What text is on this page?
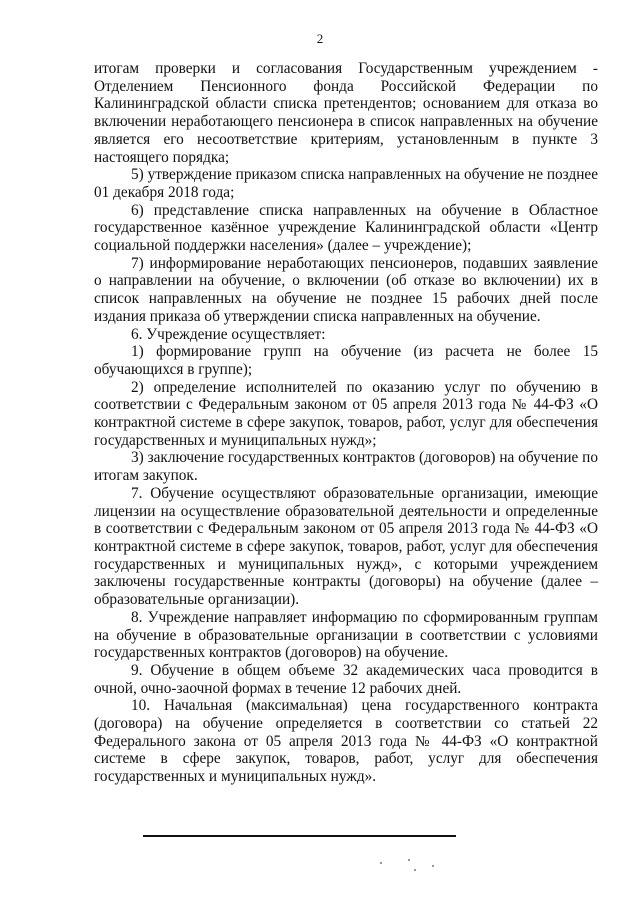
2

итогам проверки и согласования Государственным учреждением - Отделением Пенсионного фонда Российской Федерации по Калининградской области списка претендентов; основанием для отказа во включении неработающего пенсионера в список направленных на обучение является его несоответствие критериям, установленным в пункте 3 настоящего порядка;

5) утверждение приказом списка направленных на обучение не позднее 01 декабря 2018 года;

6) представление списка направленных на обучение в Областное государственное казённое учреждение Калининградской области «Центр социальной поддержки населения» (далее – учреждение);

7) информирование неработающих пенсионеров, подавших заявление о направлении на обучение, о включении (об отказе во включении) их в список направленных на обучение не позднее 15 рабочих дней после издания приказа об утверждении списка направленных на обучение.

6. Учреждение осуществляет:

1) формирование групп на обучение (из расчета не более 15 обучающихся в группе);

2) определение исполнителей по оказанию услуг по обучению в соответствии с Федеральным законом от 05 апреля 2013 года № 44-ФЗ «О контрактной системе в сфере закупок, товаров, работ, услуг для обеспечения государственных и муниципальных нужд»;

3) заключение государственных контрактов (договоров) на обучение по итогам закупок.

7. Обучение осуществляют образовательные организации, имеющие лицензии на осуществление образовательной деятельности и определенные в соответствии с Федеральным законом от 05 апреля 2013 года № 44-ФЗ «О контрактной системе в сфере закупок, товаров, работ, услуг для обеспечения государственных и муниципальных нужд», с которыми учреждением заключены государственные контракты (договоры) на обучение (далее – образовательные организации).

8. Учреждение направляет информацию по сформированным группам на обучение в образовательные организации в соответствии с условиями государственных контрактов (договоров) на обучение.

9. Обучение в общем объеме 32 академических часа проводится в очной, очно-заочной формах в течение 12 рабочих дней.

10. Начальная (максимальная) цена государственного контракта (договора) на обучение определяется в соответствии со статьей 22 Федерального закона от 05 апреля 2013 года № 44-ФЗ «О контрактной системе в сфере закупок, товаров, работ, услуг для обеспечения государственных и муниципальных нужд».
